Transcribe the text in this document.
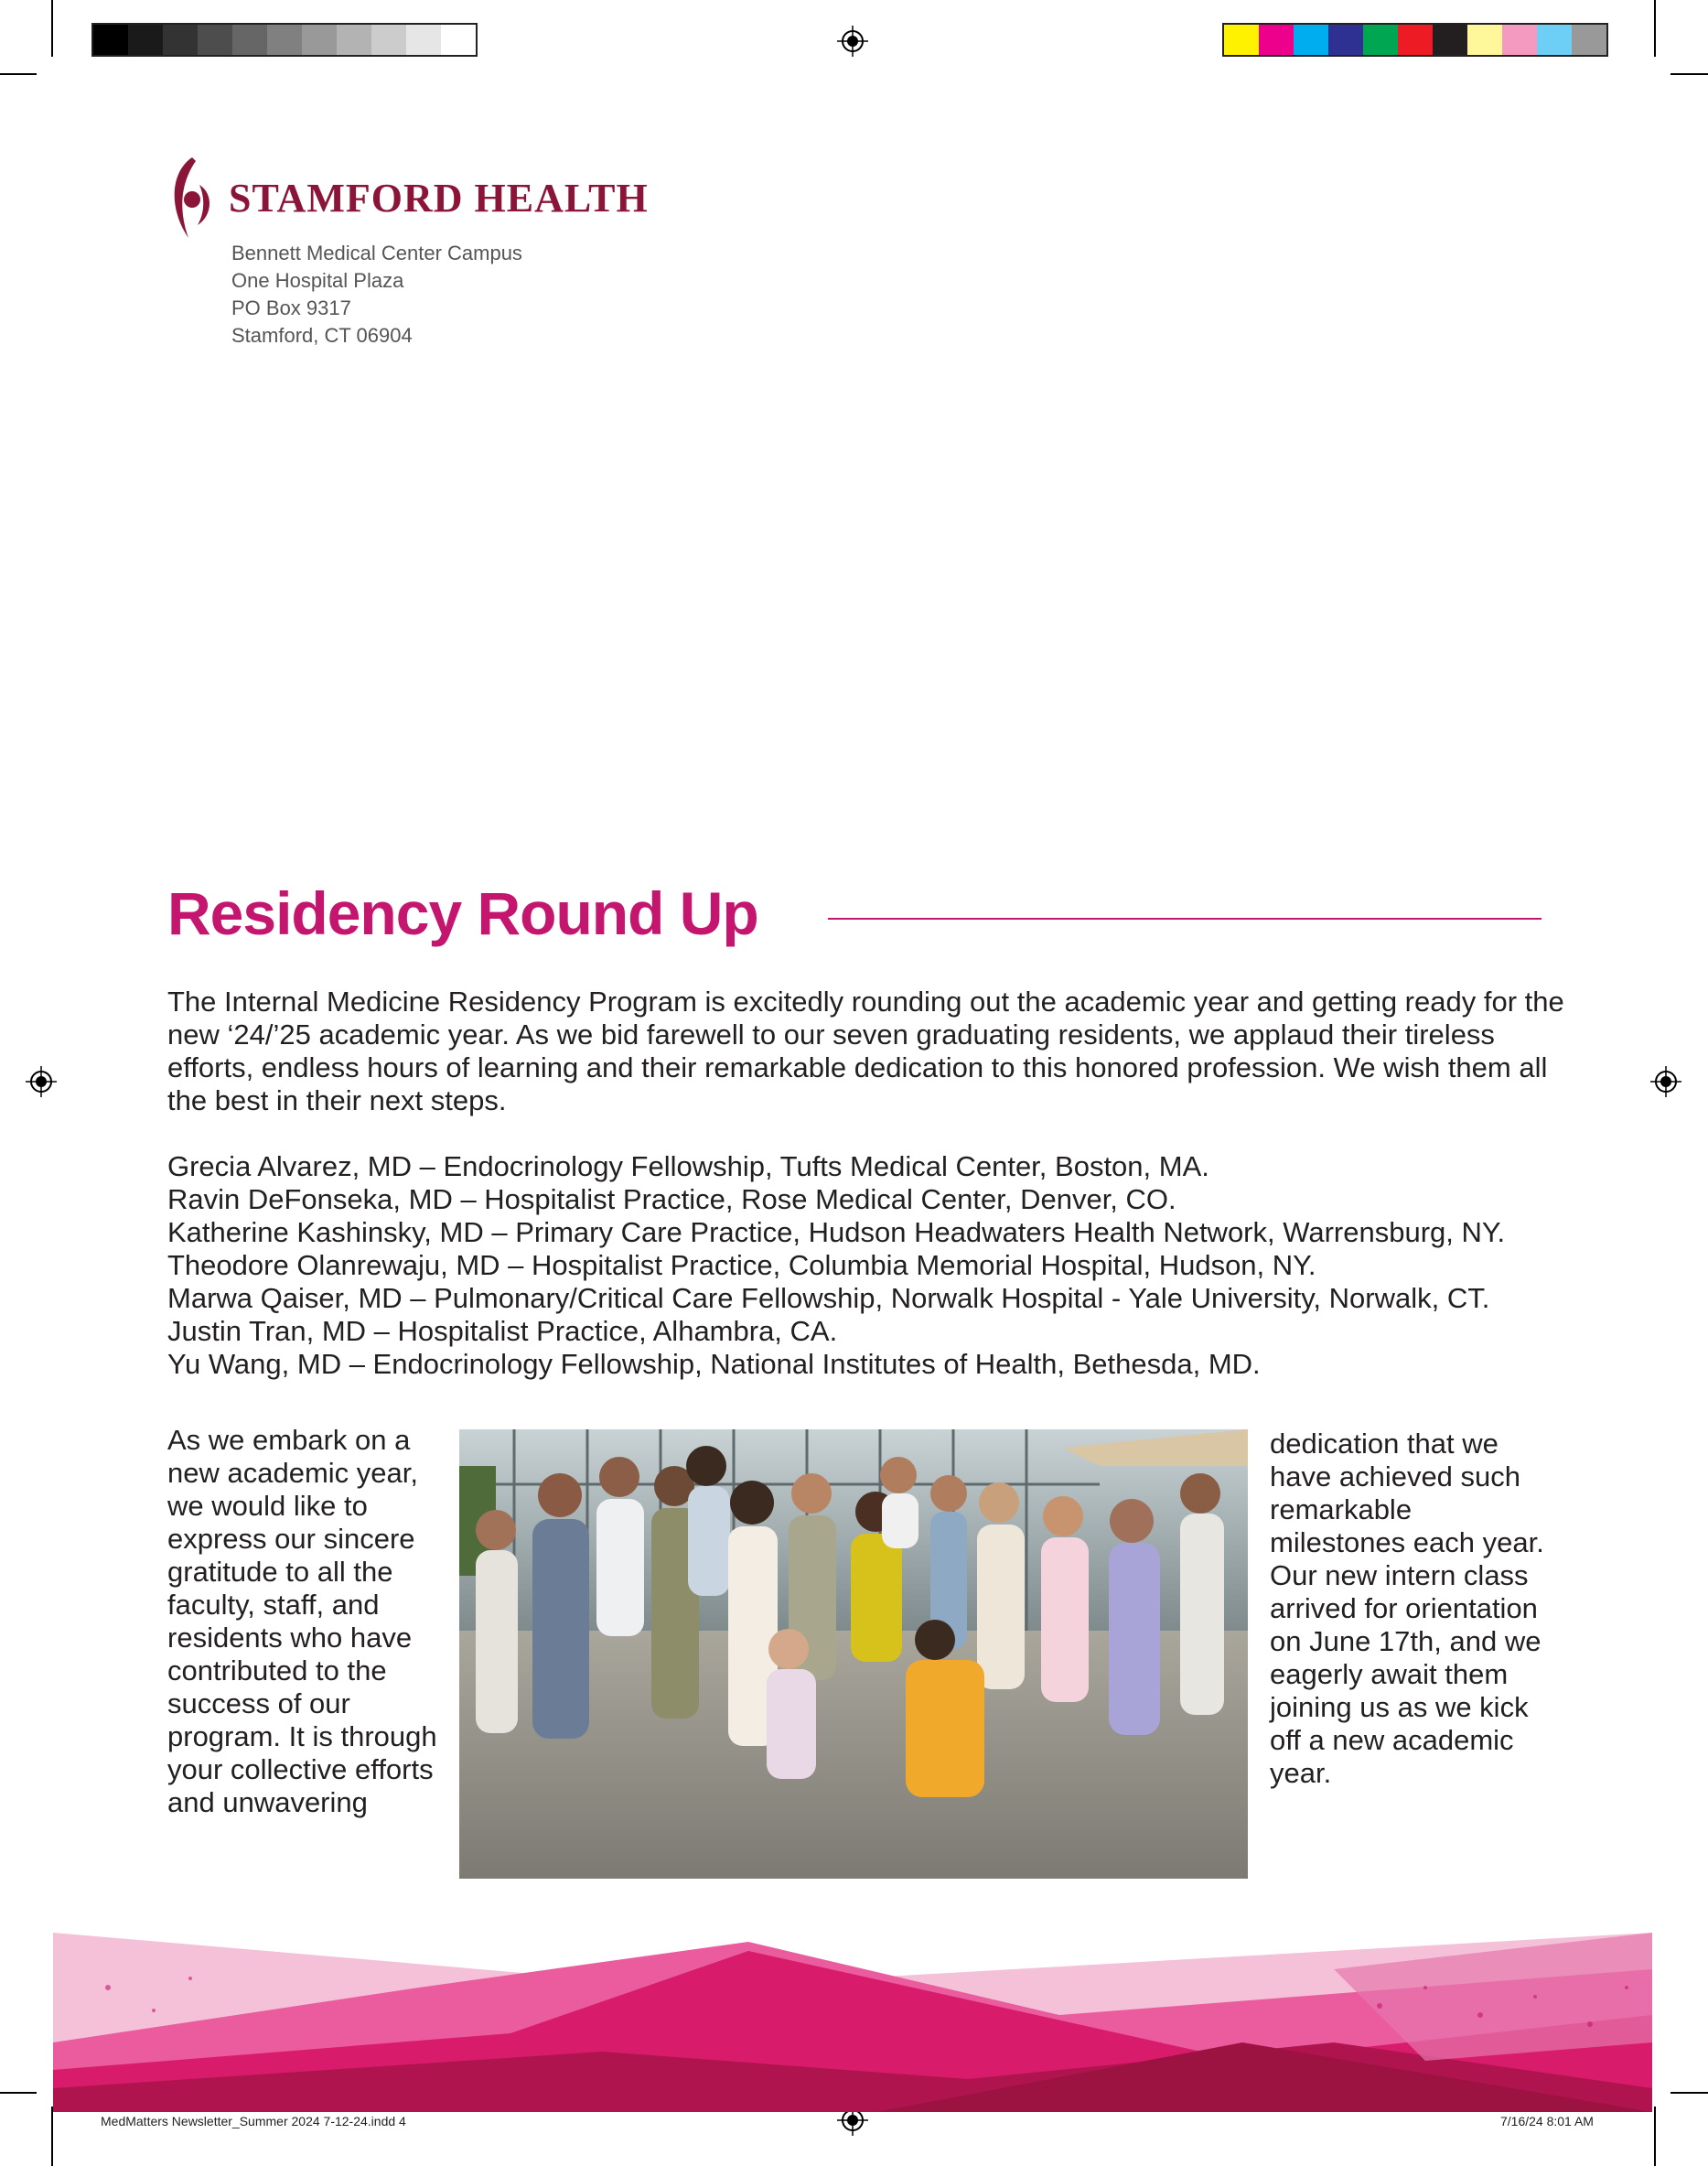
STAMFORD HEALTH
Bennett Medical Center Campus
One Hospital Plaza
PO Box 9317
Stamford, CT 06904
Residency Round Up
The Internal Medicine Residency Program is excitedly rounding out the academic year and getting ready for the new ‘24/’25 academic year. As we bid farewell to our seven graduating residents, we applaud their tireless efforts, endless hours of learning and their remarkable dedication to this honored profession. We wish them all the best in their next steps.
Grecia Alvarez, MD – Endocrinology Fellowship, Tufts Medical Center, Boston, MA.
Ravin DeFonseka, MD – Hospitalist Practice, Rose Medical Center, Denver, CO.
Katherine Kashinsky, MD – Primary Care Practice, Hudson Headwaters Health Network, Warrensburg, NY.
Theodore Olanrewaju, MD – Hospitalist Practice, Columbia Memorial Hospital, Hudson, NY.
Marwa Qaiser, MD – Pulmonary/Critical Care Fellowship, Norwalk Hospital - Yale University, Norwalk, CT.
Justin Tran, MD – Hospitalist Practice, Alhambra, CA.
Yu Wang, MD – Endocrinology Fellowship, National Institutes of Health, Bethesda, MD.
As we embark on a new academic year, we would like to express our sincere gratitude to all the faculty, staff, and residents who have contributed to the success of our program. It is through your collective efforts and unwavering
dedication that we have achieved such remarkable milestones each year. Our new intern class arrived for orientation on June 17th, and we eagerly await them joining us as we kick off a new academic year.
MedMatters Newsletter_Summer 2024 7-12-24.indd 4	7/16/24 8:01 AM
